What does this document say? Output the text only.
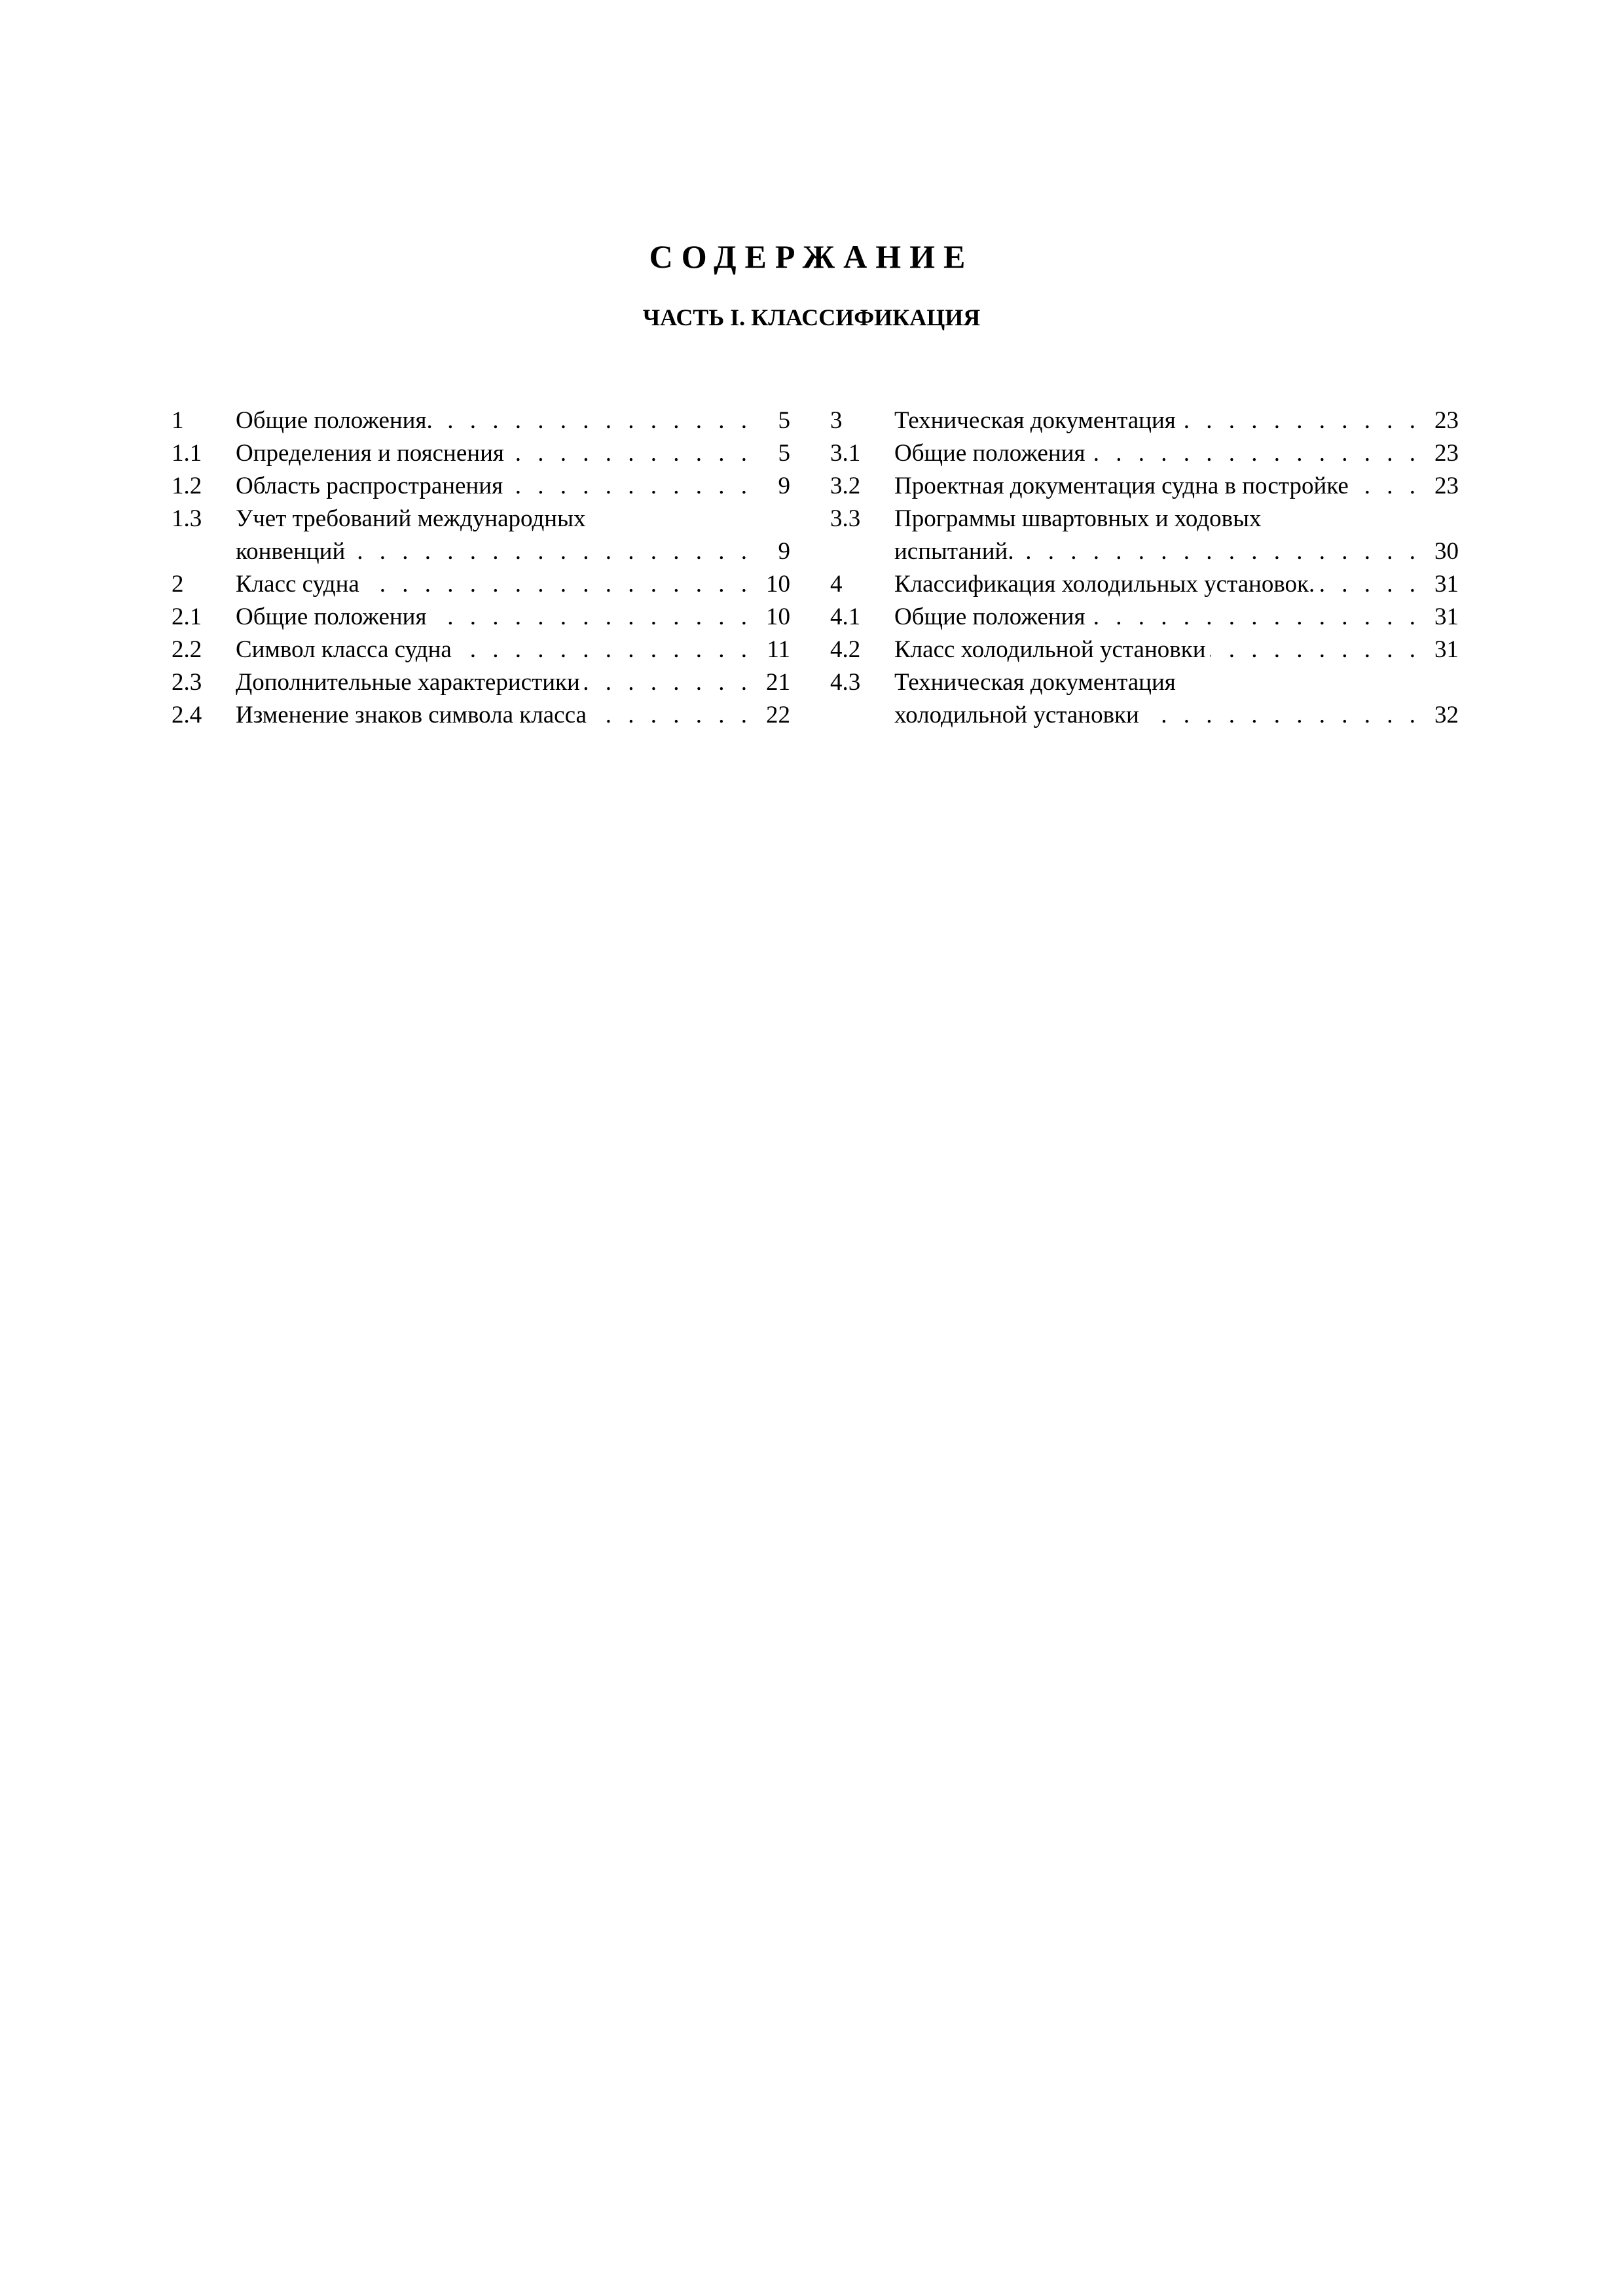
СОДЕРЖАНИЕ
ЧАСТЬ I. КЛАССИФИКАЦИЯ
1	Общие положения. . . .	5
1.1	Определения и пояснения . . .	5
1.2	Область распространения . . .	9
1.3	Учет требований международных
конвенций . . .	9
2	Класс судна . . .	10
2.1	Общие положения . . .	10
2.2	Символ класса судна . . .	11
2.3	Дополнительные характеристики . . .	21
2.4	Изменение знаков символа класса . . .	22
3	Техническая документация . . .	23
3.1	Общие положения . . .	23
3.2	Проектная документация судна в постройке . . .	23
3.3	Программы швартовных и ходовых
испытаний. . . .	30
4	Классификация холодильных установок. . . .	31
4.1	Общие положения . . .	31
4.2	Класс холодильной установки . . .	31
4.3	Техническая документация
холодильной установки . . .	32
